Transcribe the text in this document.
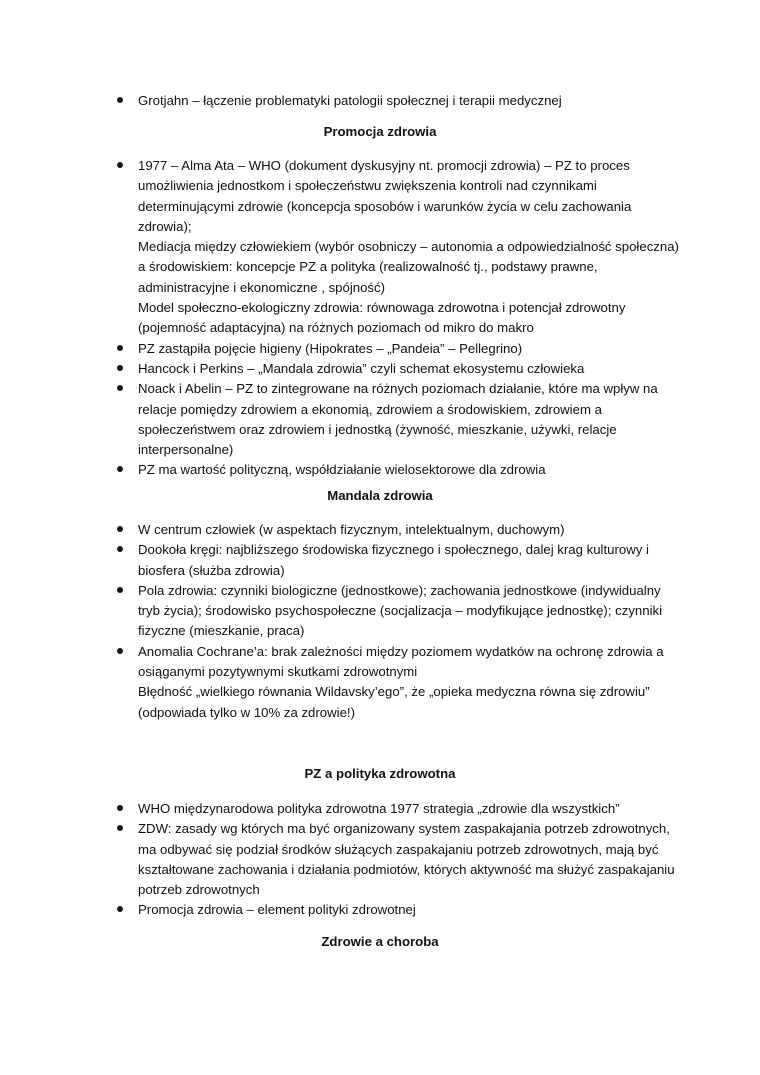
Grotjahn – łączenie problematyki patologii społecznej i terapii medycznej
Promocja zdrowia
1977 – Alma Ata – WHO (dokument dyskusyjny nt. promocji zdrowia) – PZ to proces
umożliwienia jednostkom i społeczeństwu zwiększenia kontroli nad czynnikami
determinującymi zdrowie (koncepcja sposobów i warunków życia w celu zachowania
zdrowia);
Mediacja między człowiekiem (wybór osobniczy – autonomia a odpowiedzialność społeczna)
a środowiskiem: koncepcje PZ a polityka (realizowalność tj., podstawy prawne,
administracyjne i ekonomiczne , spójność)
Model społeczno-ekologiczny zdrowia: równowaga zdrowotna i potencjał zdrowotny
(pojemność adaptacyjna) na różnych poziomach od mikro do makro
PZ zastąpiła pojęcie higieny (Hipokrates – „Pandeia” – Pellegrino)
Hancock i Perkins – „Mandala zdrowia” czyli schemat ekosystemu człowieka
Noack i Abelin – PZ to zintegrowane na różnych poziomach działanie, które ma wpływ na
relacje pomiędzy zdrowiem a ekonomią, zdrowiem a środowiskiem, zdrowiem a
społeczeństwem oraz zdrowiem i jednostką (żywność, mieszkanie, używki, relacje
interpersonalne)
PZ ma wartość polityczną, współdziałanie wielosektorowe dla zdrowia
Mandala zdrowia
W centrum człowiek (w aspektach fizycznym, intelektualnym, duchowym)
Dookoła kręgi: najbliższego środowiska fizycznego i społecznego, dalej krag kulturowy i
biosfera (służba zdrowia)
Pola zdrowia: czynniki biologiczne (jednostkowe); zachowania jednostkowe (indywidualny
tryb życia); środowisko psychospołeczne (socjalizacja – modyfikujące jednostkę); czynniki
fizyczne (mieszkanie, praca)
Anomalia Cochrane’a: brak zależności między poziomem wydatków na ochronę zdrowia a
osiąganymi pozytywnymi skutkami zdrowotnymi
Błędność „wielkiego równania Wildavsky’ego”, że „opieka medyczna równa się zdrowiu”
(odpowiada tylko w 10% za zdrowie!)
PZ a polityka zdrowotna
WHO międzynarodowa polityka zdrowotna 1977 strategia „zdrowie dla wszystkich”
ZDW: zasady wg których ma być organizowany system zaspakajania potrzeb zdrowotnych,
ma odbywać się podział środków służących zaspakajaniu potrzeb zdrowotnych, mają być
kształtowane zachowania i działania podmiotów, których aktywność ma służyć zaspakajaniu
potrzeb zdrowotnych
Promocja zdrowia – element polityki zdrowotnej
Zdrowie a choroba
